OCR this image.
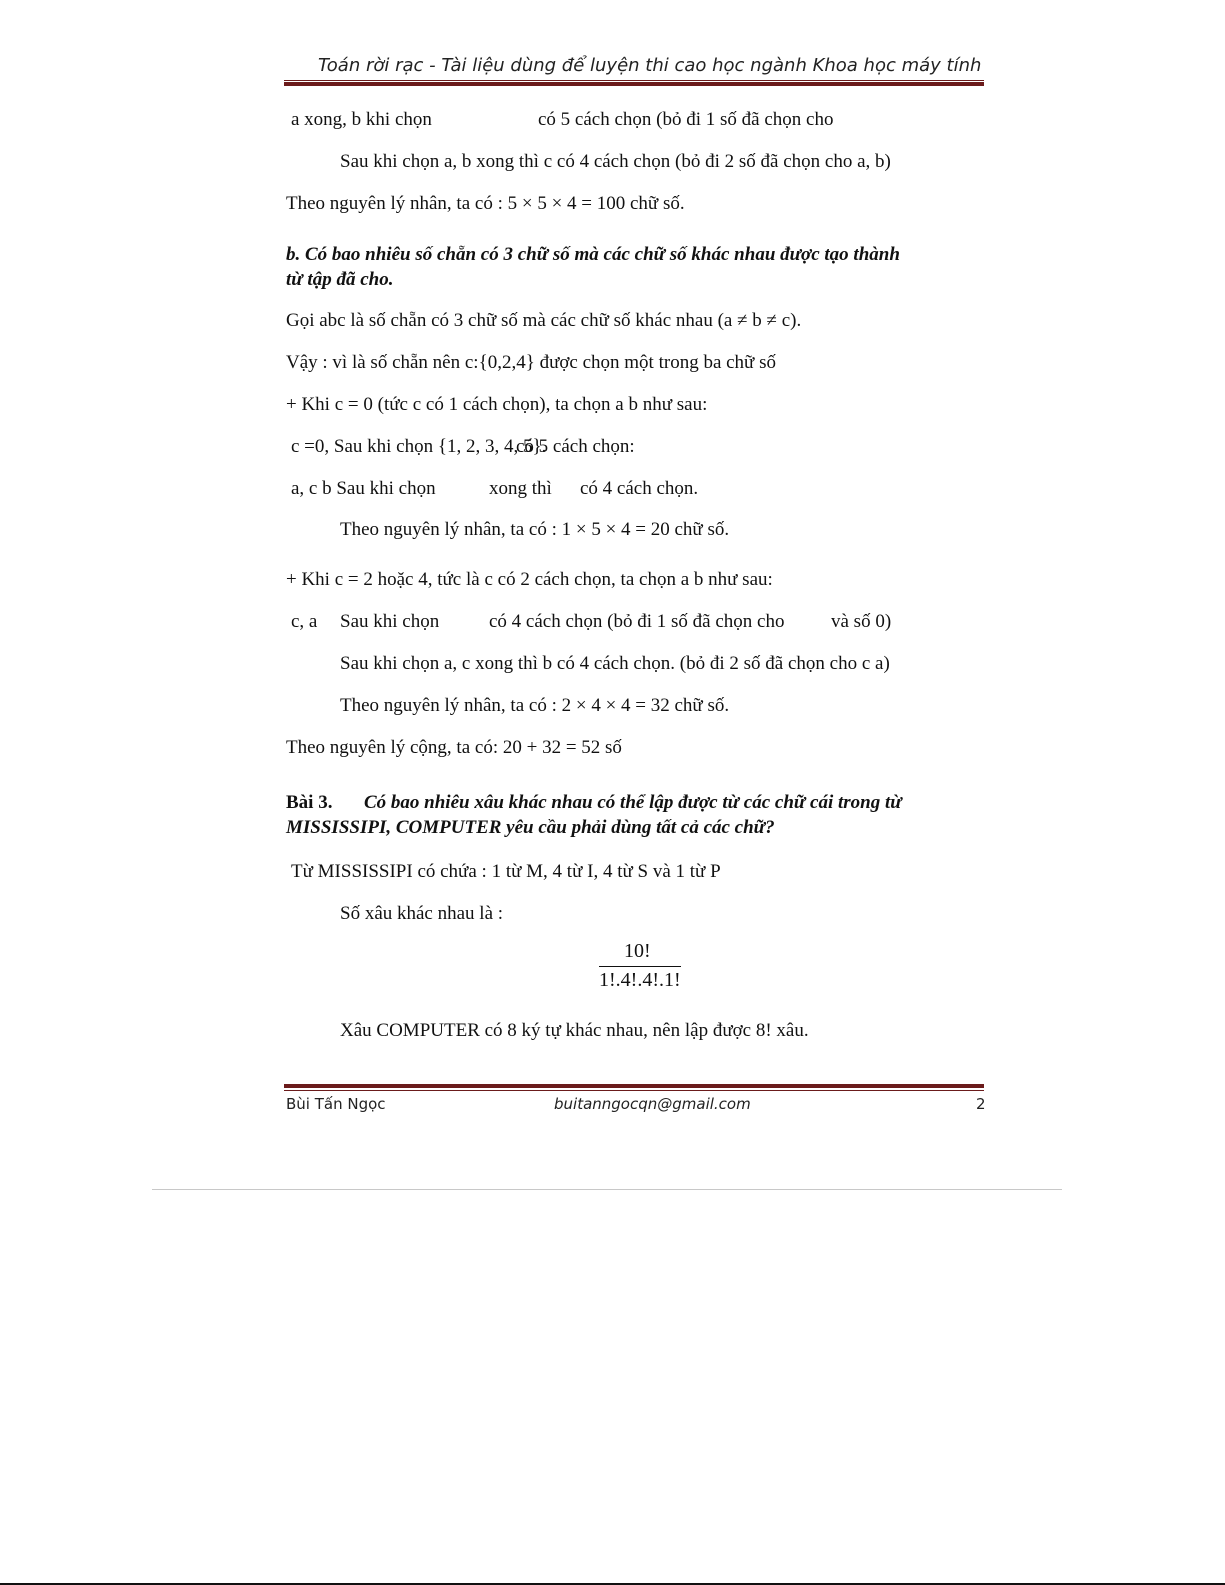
Toán rời rạc - Tài liệu dùng để luyện thi cao học ngành Khoa học máy tính
a xong, b khi chọn	có 5 cách chọn (bỏ đi 1 số đã chọn cho
Sau khi chọn a, b xong thì c có 4 cách chọn (bỏ đi 2 số đã chọn cho a, b)
Theo nguyên lý nhân, ta có : 5 × 5 × 4 = 100 chữ số.
b. Có bao nhiêu số chẵn có 3 chữ số mà các chữ số khác nhau được tạo thành
từ tập đã cho.
Gọi abc là số chẵn có 3 chữ số mà các chữ số khác nhau (a ≠ b ≠ c).
Vậy : vì là số chẵn nên c:{0,2,4} được chọn một trong ba chữ số
+ Khi c = 0 (tức c có 1 cách chọn), ta chọn a b như sau:
c =0, Sau khi chọn {1, 2, 3, 4, 5}.
có 5 cách chọn:
a, c b Sau khi chọn	xong thì có 4 cách chọn.
Theo nguyên lý nhân, ta có : 1 × 5 × 4 = 20 chữ số.
+ Khi c = 2 hoặc 4, tức là c có 2 cách chọn, ta chọn a b như sau:
c, a Sau khi chọn	có 4 cách chọn (bỏ đi 1 số đã chọn cho và số 0)
Sau khi chọn a, c xong thì b có 4 cách chọn. (bỏ đi 2 số đã chọn cho c a)
Theo nguyên lý nhân, ta có : 2 × 4 × 4 = 32 chữ số.
Theo nguyên lý cộng, ta có: 20 + 32 = 52 số
Bài 3. Có bao nhiêu xâu khác nhau có thể lập được từ các chữ cái trong từ
MISSISSIPI, COMPUTER yêu cầu phải dùng tất cả các chữ?
Từ MISSISSIPI có chứa : 1 từ M, 4 từ I, 4 từ S và 1 từ P
Số xâu khác nhau là :
10!
1!.4!.4!.1!
Xâu COMPUTER có 8 ký tự khác nhau, nên lập được 8! xâu.
Bùi Tấn Ngọc	buitanngocqn@gmail.com	2
